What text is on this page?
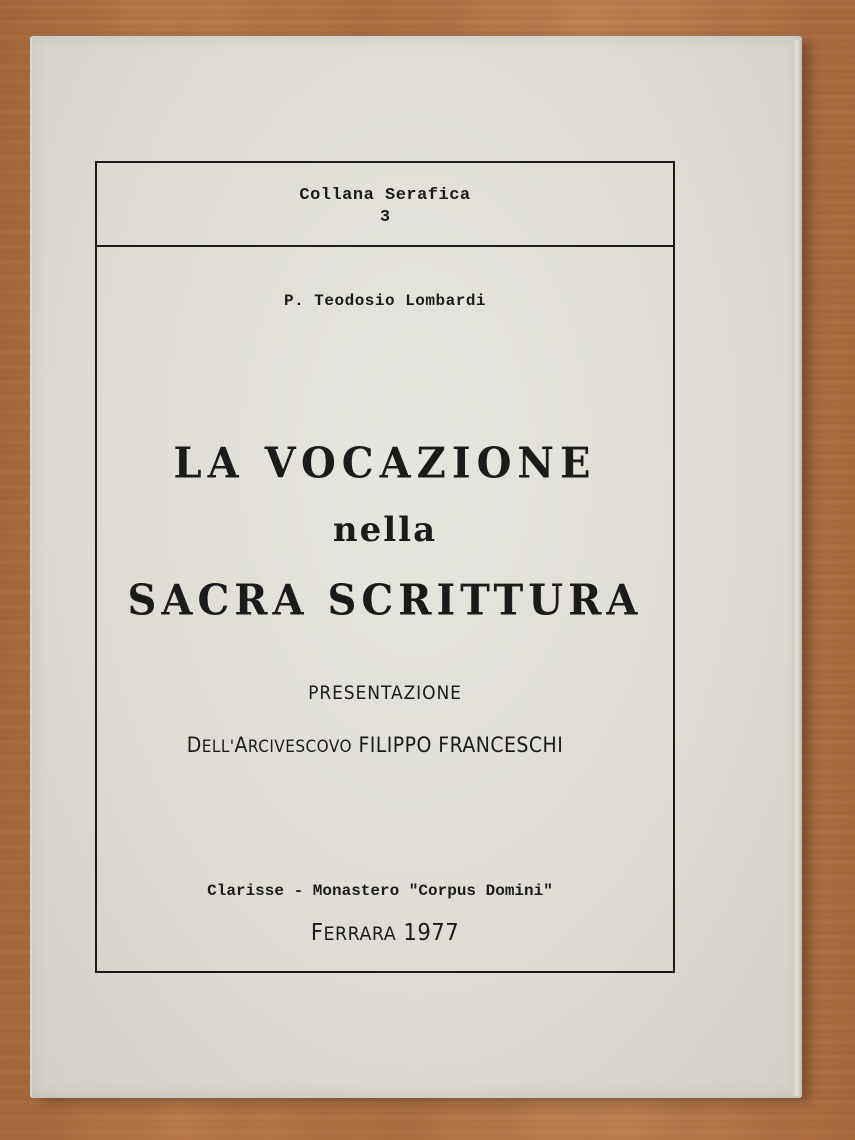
Collana Serafica
3
P. Teodosio Lombardi
LA VOCAZIONE
nella
SACRA SCRITTURA
PRESENTAZIONE
DELL'ARCIVESCOVO FILIPPO FRANCESCHI
Clarisse - Monastero "Corpus Domini"
FERRARA 1977
